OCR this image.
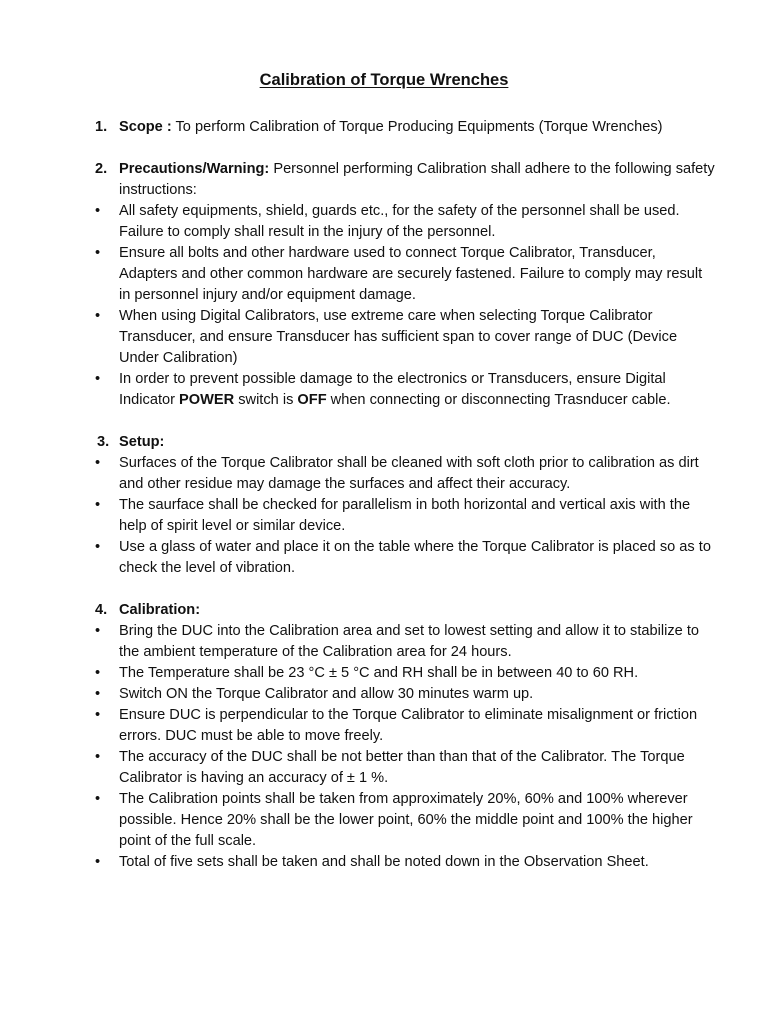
Calibration of Torque Wrenches
1. Scope : To perform Calibration of Torque Producing Equipments (Torque Wrenches)
2. Precautions/Warning: Personnel performing Calibration shall adhere to the following safety instructions:
• All safety equipments, shield, guards etc., for the safety of the personnel shall be used. Failure to comply shall result in the injury of the personnel.
• Ensure all bolts and other hardware used to connect Torque Calibrator, Transducer, Adapters and other common hardware are securely fastened. Failure to comply may result in personnel injury and/or equipment damage.
• When using Digital Calibrators, use extreme care when selecting Torque Calibrator Transducer, and ensure Transducer has sufficient span to cover range of DUC (Device Under Calibration)
• In order to prevent possible damage to the electronics or Transducers, ensure Digital Indicator POWER switch is OFF when connecting or disconnecting Trasnducer cable.
3. Setup:
• Surfaces of the Torque Calibrator shall be cleaned with soft cloth prior to calibration as dirt and other residue may damage the surfaces and affect their accuracy.
• The saurface shall be checked for parallelism in both horizontal and vertical axis with the help of spirit level or similar device.
• Use a glass of water and place it on the table where the Torque Calibrator is placed so as to check the level of vibration.
4. Calibration:
• Bring the DUC into the Calibration area and set to lowest setting and allow it to stabilize to the ambient temperature of the Calibration area for 24 hours.
• The Temperature shall be 23 °C ± 5 °C and RH shall be in between 40 to 60 RH.
• Switch ON the Torque Calibrator and allow 30 minutes warm up.
• Ensure DUC is perpendicular to the Torque Calibrator to eliminate misalignment or friction errors. DUC must be able to move freely.
• The accuracy of the DUC shall be not better than than that of the Calibrator. The Torque Calibrator is having an accuracy of ± 1 %.
• The Calibration points shall be taken from approximately 20%, 60% and 100% wherever possible. Hence 20% shall be the lower point, 60% the middle point and 100% the higher point of the full scale.
• Total of five sets shall be taken and shall be noted down in the Observation Sheet.
